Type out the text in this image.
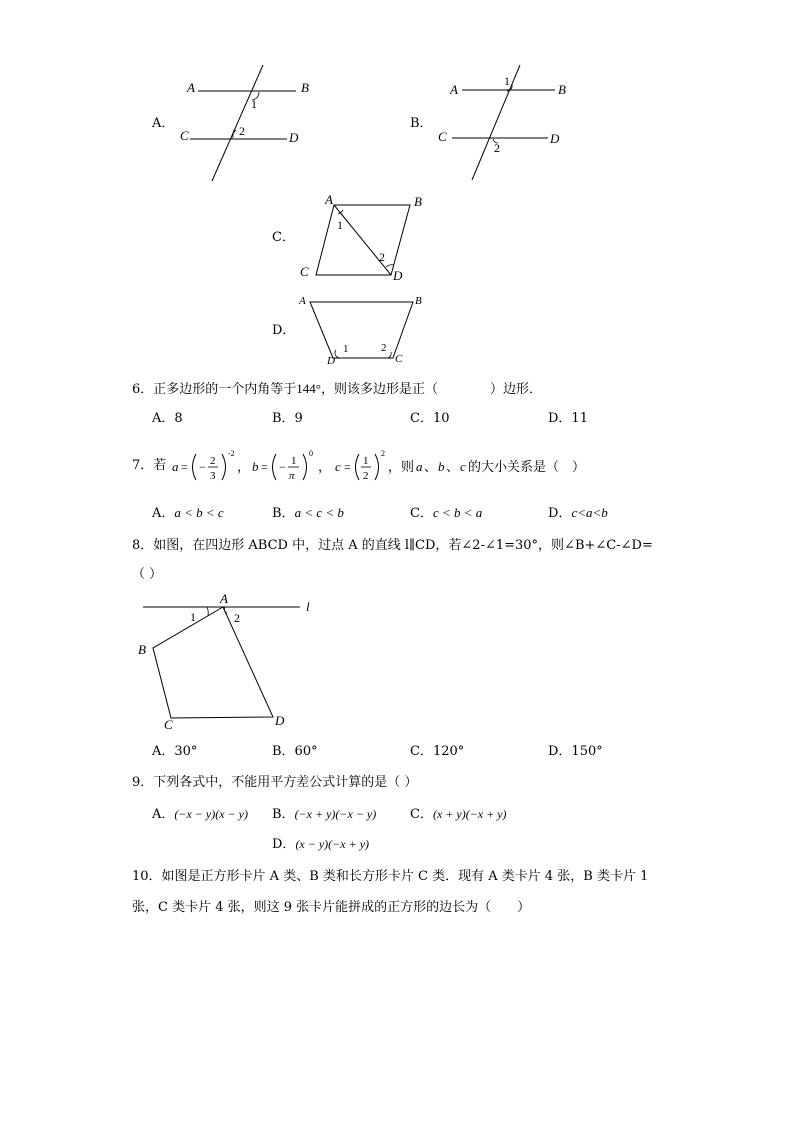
A．
A	B
C	D
1
2	B．
A	B
C	D
1
2
C．
A	B
C	D
1
2
D．
A	B
C
D
1	2
6．正多边形的一个内角等于144°，则该多边形是正（　　　　）边形．
A．8	B．9	C．10	D．11
7．若 a = − 2
3
-2
， b = − 1
π
0
， c = 1
2
2
，则 a 、 b 、 c 的大小关系是（　）
A．a < b < c	B．a < c < b	C．c < b < a	D．c<a<b
8．如图，在四边形 ABCD 中，过点 A 的直线 l∥CD，若∠2-∠1=30°，则∠B+∠C-∠D=
（ ）
A
l
B
C	D
1	2
A．30°	B．60°	C．120°	D．150°
9．下列各式中，不能用平方差公式计算的是（ ）
A．(−x − y)(x − y) B．(−x + y)(−x − y)	C．(x + y)(−x + y)
D．(x − y)(−x + y)
10．如图是正方形卡片 A 类、B 类和长方形卡片 C 类．现有 A 类卡片 4 张，B 类卡片 1
张，C 类卡片 4 张，则这 9 张卡片能拼成的正方形的边长为（　　）
